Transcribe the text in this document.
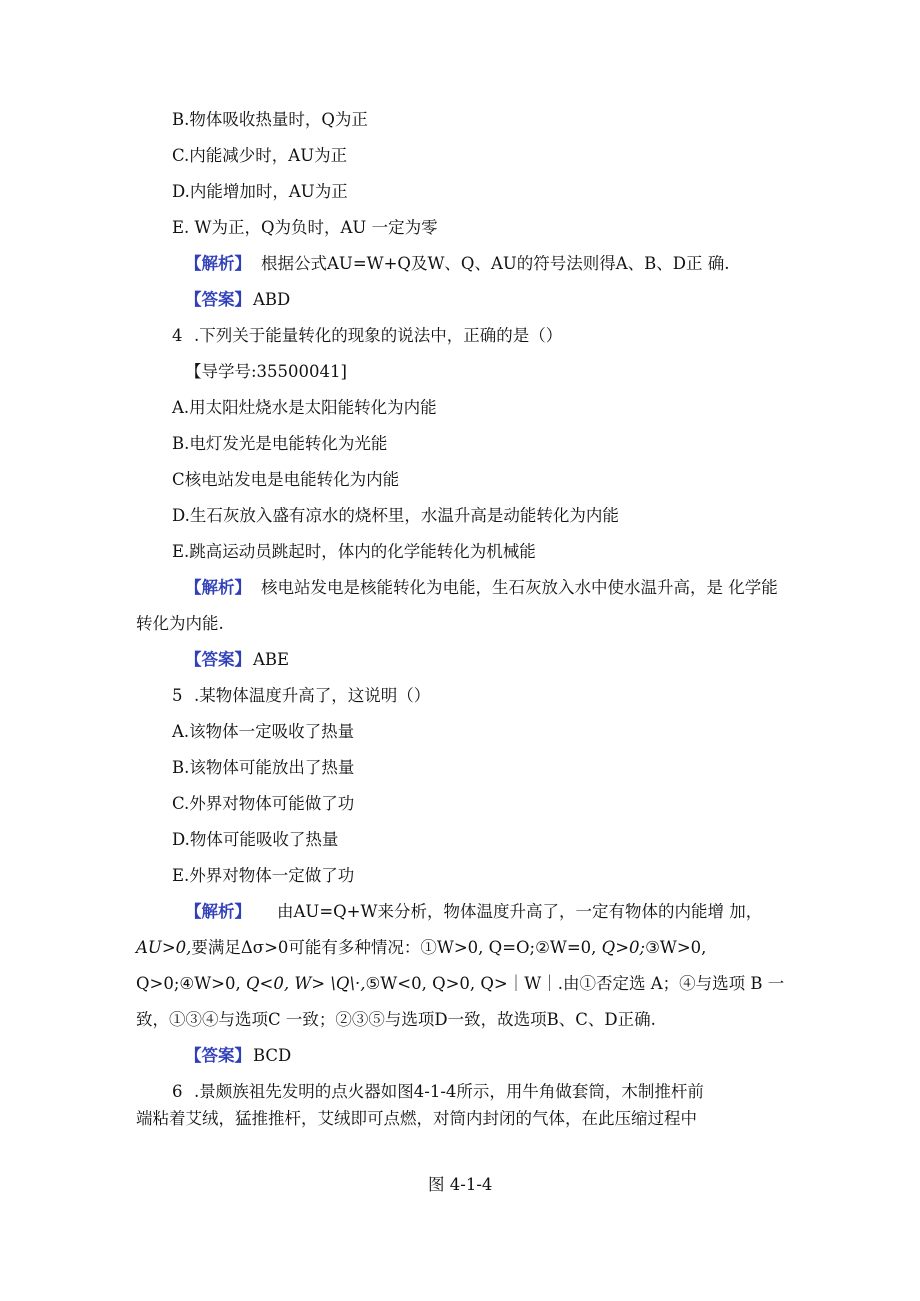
B.物体吸收热量时，Q为正
C.内能减少时，AU为正
D.内能增加时，AU为正
E. W为正，Q为负时，AU 一定为零
【解析】 根据公式AU=W+Q及W、Q、AU的符号法则得A、B、D正 确.
【答案】 ABD
4 .下列关于能量转化的现象的说法中，正确的是（）
【导学号:35500041]
A.用太阳灶烧水是太阳能转化为内能
B.电灯发光是电能转化为光能
C核电站发电是电能转化为内能
D.生石灰放入盛有凉水的烧杯里，水温升高是动能转化为内能
E.跳高运动员跳起时，体内的化学能转化为机械能
【解析】 核电站发电是核能转化为电能，生石灰放入水中使水温升高，是 化学能
转化为内能.
【答案】 ABE
5 .某物体温度升高了，这说明（）
A.该物体一定吸收了热量
B.该物体可能放出了热量
C.外界对物体可能做了功
D.物体可能吸收了热量
E.外界对物体一定做了功
【解析】 由AU=Q+W来分析，物体温度升高了，一定有物体的内能增 加，
AU>0,要满足Δσ>0可能有多种情况：①W>0, Q=O;②W=0, Q>0;③W>0,
Q>0;④W>0, Q<0, W> \Q\·,⑤W<0, Q>0, Q>｜W｜.由①否定选 A；④与选项 B 一
致，①③④与选项C 一致；②③⑤与选项D一致，故选项B、C、D正确.
【答案】 BCD
6 .景颇族祖先发明的点火器如图4-1-4所示，用牛角做套筒，木制推杆前
端粘着艾绒，猛推推杆，艾绒即可点燃，对筒内封闭的气体，在此压缩过程中
图 4-1-4
